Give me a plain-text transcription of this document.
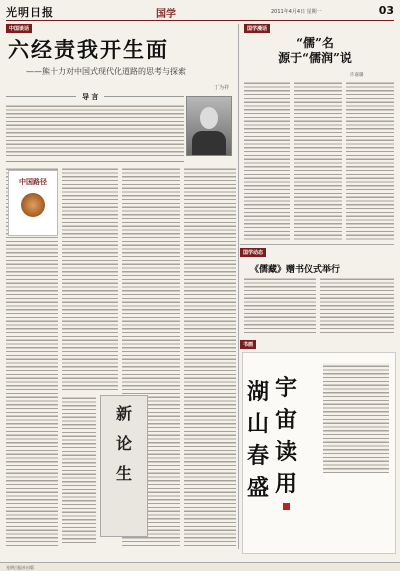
光明日报	国学	2011年4月4日 星期一	03
中国谈话
六经责我开生面
——熊十力对中国式现代化道路的思考与探索
丁为祥
导 言
中国路径
新
论
生
国学漫话
“儒”名
源于“儒润”说
许嘉璐
国学动态
《儒藏》赠书仪式举行
书画
宇
宙
读
用
湖
山
春
盛
光明日报社出版
